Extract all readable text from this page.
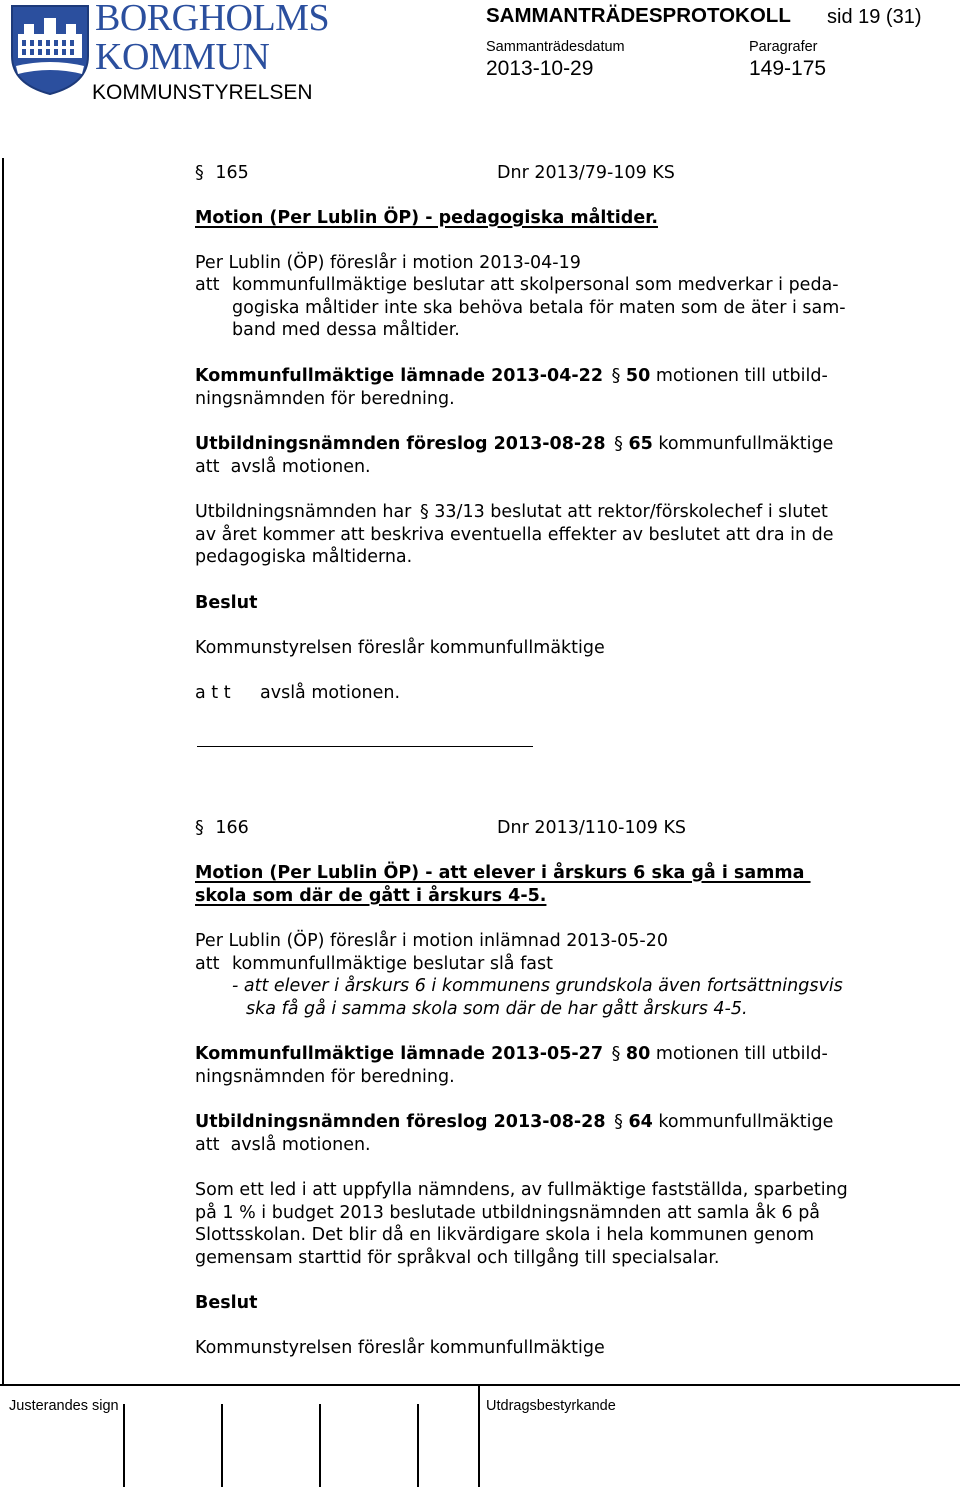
BORGHOLMS
KOMMUN
KOMMUNSTYRELSEN
SAMMANTRÄDESPROTOKOLL sid 19 (31)
Sammanträdesdatum
2013-10-29
Paragrafer
149-175
§ 165	Dnr 2013/79-109 KS
Motion (Per Lublin ÖP) - pedagogiska måltider.
Per Lublin (ÖP) föreslår i motion 2013-04-19
att kommunfullmäktige beslutar att skolpersonal som medverkar i peda-
gogiska måltider inte ska behöva betala för maten som de äter i sam-
band med dessa måltider.
Kommunfullmäktige lämnade 2013-04-22 § 50 motionen till utbild-
ningsnämnden för beredning.
Utbildningsnämnden föreslog 2013-08-28 § 65 kommunfullmäktige
att  avslå motionen.
Utbildningsnämnden har § 33/13 beslutat att rektor/förskolechef i slutet
av året kommer att beskriva eventuella effekter av beslutet att dra in de
pedagogiska måltiderna.
Beslut
Kommunstyrelsen föreslår kommunfullmäktige
a t t avslå motionen.
§ 166	Dnr 2013/110-109 KS
Motion (Per Lublin ÖP) - att elever i årskurs 6 ska gå i samma
skola som där de gått i årskurs 4-5.
Per Lublin (ÖP) föreslår i motion inlämnad 2013-05-20
att kommunfullmäktige beslutar slå fast
- att elever i årskurs 6 i kommunens grundskola även fortsättningsvis
ska få gå i samma skola som där de har gått årskurs 4-5.
Kommunfullmäktige lämnade 2013-05-27 § 80 motionen till utbild-
ningsnämnden för beredning.
Utbildningsnämnden föreslog 2013-08-28 § 64 kommunfullmäktige
att  avslå motionen.
Som ett led i att uppfylla nämndens, av fullmäktige fastställda, sparbeting
på 1 % i budget 2013 beslutade utbildningsnämnden att samla åk 6 på
Slottsskolan. Det blir då en likvärdigare skola i hela kommunen genom
gemensam starttid för språkval och tillgång till specialsalar.
Beslut
Kommunstyrelsen föreslår kommunfullmäktige
Justerandes sign	Utdragsbestyrkande
